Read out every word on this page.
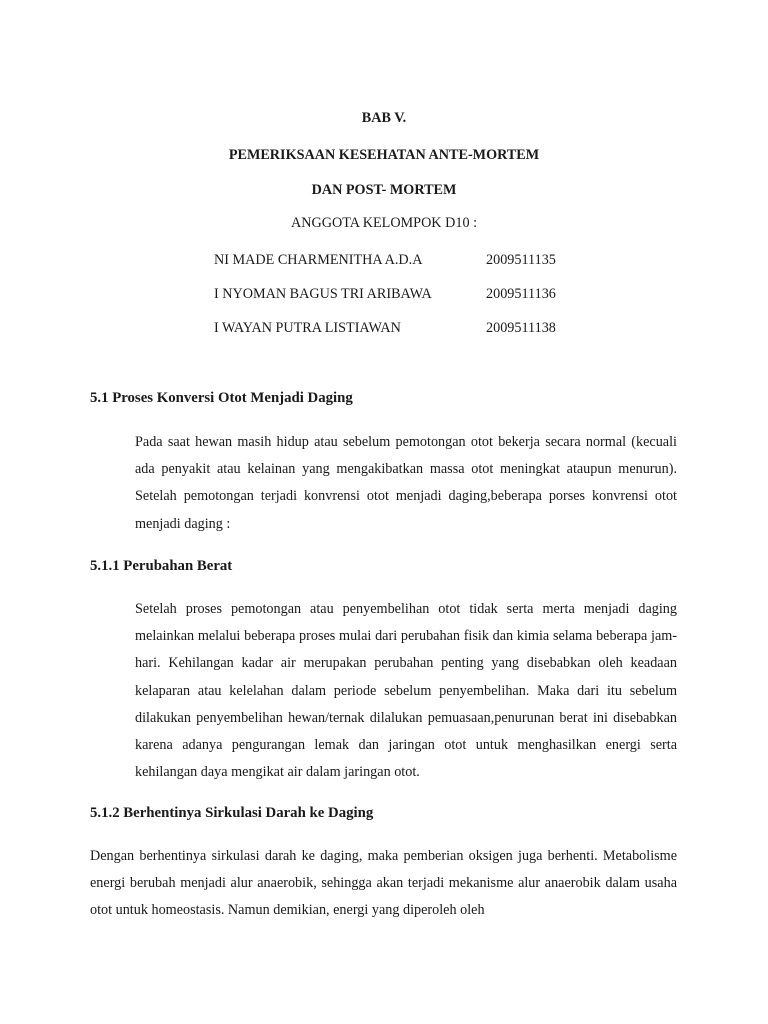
BAB V.
PEMERIKSAAN KESEHATAN ANTE-MORTEM
DAN POST- MORTEM
ANGGOTA KELOMPOK D10 :
NI MADE CHARMENITHA A.D.A	2009511135
I NYOMAN BAGUS TRI ARIBAWA	2009511136
I WAYAN PUTRA LISTIAWAN	2009511138
5.1 Proses Konversi Otot Menjadi Daging

Pada saat hewan masih hidup atau sebelum pemotongan otot bekerja secara normal (kecuali ada penyakit atau kelainan yang mengakibatkan massa otot meningkat ataupun menurun). Setelah pemotongan terjadi konvrensi otot menjadi daging,beberapa porses konvrensi otot menjadi daging :

5.1.1 Perubahan Berat

Setelah proses pemotongan atau penyembelihan otot tidak serta merta menjadi daging melainkan melalui beberapa proses mulai dari perubahan fisik dan kimia selama beberapa jam-hari. Kehilangan kadar air merupakan perubahan penting yang disebabkan oleh keadaan kelaparan atau kelelahan dalam periode sebelum penyembelihan. Maka dari itu sebelum dilakukan penyembelihan hewan/ternak dilalukan pemuasaan,penurunan berat ini disebabkan karena adanya pengurangan lemak dan jaringan otot untuk menghasilkan energi serta kehilangan daya mengikat air dalam jaringan otot.

5.1.2 Berhentinya Sirkulasi Darah ke Daging

Dengan berhentinya sirkulasi darah ke daging, maka pemberian oksigen juga berhenti. Metabolisme energi berubah menjadi alur anaerobik, sehingga akan terjadi mekanisme alur anaerobik dalam usaha otot untuk homeostasis. Namun demikian, energi yang diperoleh oleh
